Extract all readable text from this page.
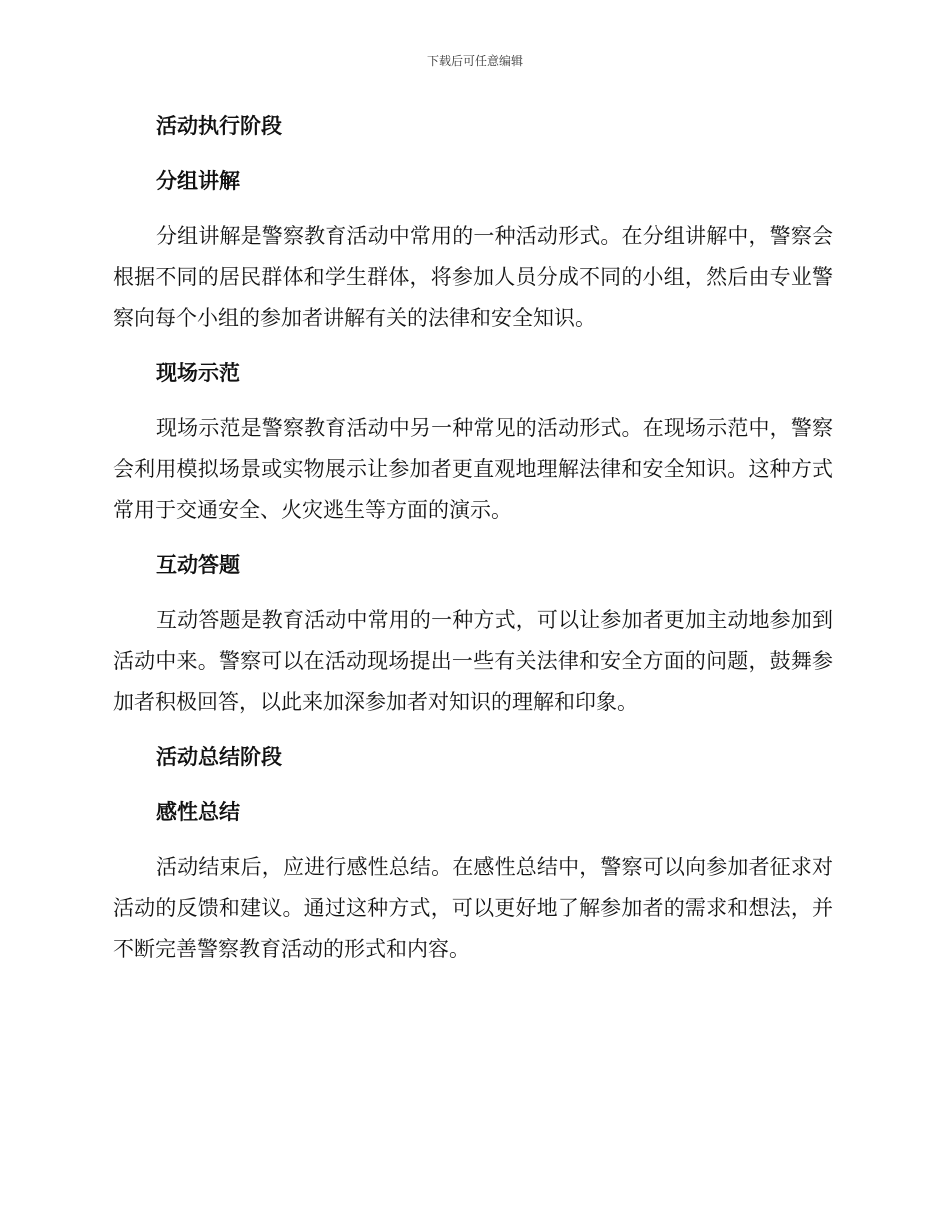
下载后可任意编辑
活动执行阶段
分组讲解

分组讲解是警察教育活动中常用的一种活动形式。在分组讲解中，警察会根据不同的居民群体和学生群体，将参加人员分成不同的小组，然后由专业警察向每个小组的参加者讲解有关的法律和安全知识。

现场示范

现场示范是警察教育活动中另一种常见的活动形式。在现场示范中，警察会利用模拟场景或实物展示让参加者更直观地理解法律和安全知识。这种方式常用于交通安全、火灾逃生等方面的演示。

互动答题

互动答题是教育活动中常用的一种方式，可以让参加者更加主动地参加到活动中来。警察可以在活动现场提出一些有关法律和安全方面的问题，鼓舞参加者积极回答，以此来加深参加者对知识的理解和印象。

活动总结阶段
感性总结

活动结束后，应进行感性总结。在感性总结中，警察可以向参加者征求对活动的反馈和建议。通过这种方式，可以更好地了解参加者的需求和想法，并不断完善警察教育活动的形式和内容。
